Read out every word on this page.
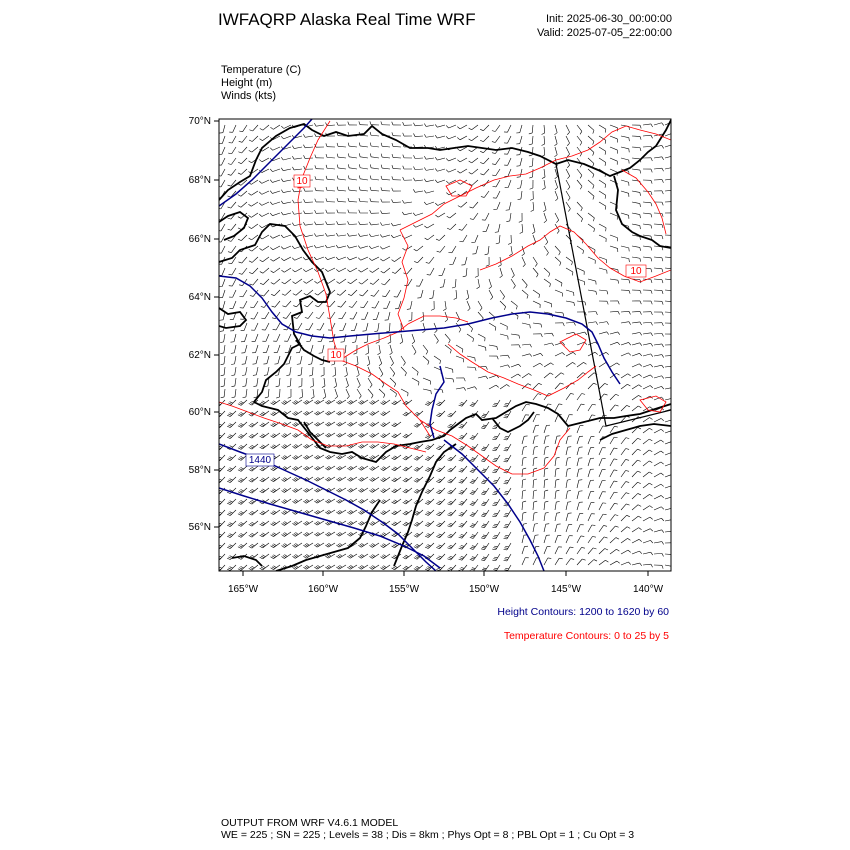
IWFAQRP Alaska Real Time WRF	Init: 2025-06-30_00:00:00
Valid: 2025-07-05_22:00:00
Temperature (C)
Height (m)
Winds (kts)
1440
10
10
10
70°N
68°N
66°N
64°N
62°N
60°N
58°N
56°N
165°W	160°W	155°W	150°W	145°W	140°W
Height Contours: 1200 to 1620 by 60
Temperature Contours: 0 to 25 by 5
OUTPUT FROM WRF V4.6.1 MODEL
WE = 225 ; SN = 225 ; Levels = 38 ; Dis = 8km ; Phys Opt = 8 ; PBL Opt = 1 ; Cu Opt = 3
